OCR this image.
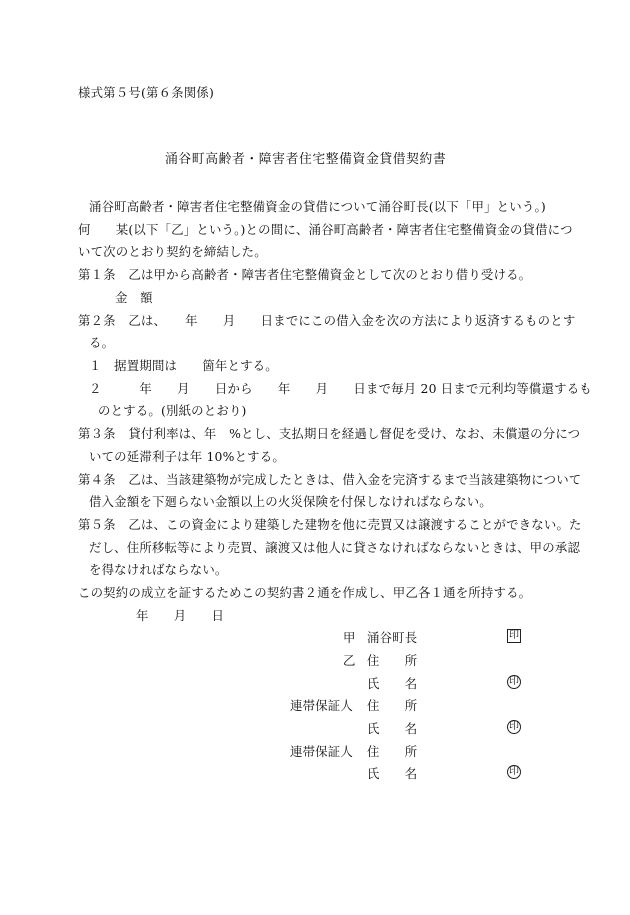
様式第５号(第６条関係)
涌谷町高齢者・障害者住宅整備資金貸借契約書
涌谷町高齢者・障害者住宅整備資金の貸借について涌谷町長(以下「甲」という。)
何　　某(以下「乙」という。)との間に、涌谷町高齢者・障害者住宅整備資金の貸借につ
いて次のとおり契約を締結した。
第１条　乙は甲から高齢者・障害者住宅整備資金として次のとおり借り受ける。
金　額
第２条　乙は、　　年　　月　　日までにこの借入金を次の方法により返済するものとす
る。
１　据置期間は　　箇年とする。
２　　　年　　月　　日から　　年　　月　　日まで毎月 20 日まで元利均等償還するも
のとする。(別紙のとおり)
第３条　貸付利率は、年　%とし、支払期日を経過し督促を受け、なお、未償還の分につ
いての延滞利子は年 10%とする。
第４条　乙は、当該建築物が完成したときは、借入金を完済するまで当該建築物について
借入金額を下廻らない金額以上の火災保険を付保しなければならない。
第５条　乙は、この資金により建築した建物を他に売買又は譲渡することができない。た
だし、住所移転等により売買、譲渡又は他人に貸さなければならないときは、甲の承認
を得なければならない。
この契約の成立を証するためこの契約書２通を作成し、甲乙各１通を所持する。
年　　月　　日
甲 涌谷町長	印
乙 住　　所
氏　　名	印
連帯保証人 住　　所
氏　　名	印
連帯保証人 住　　所
氏　　名	印
